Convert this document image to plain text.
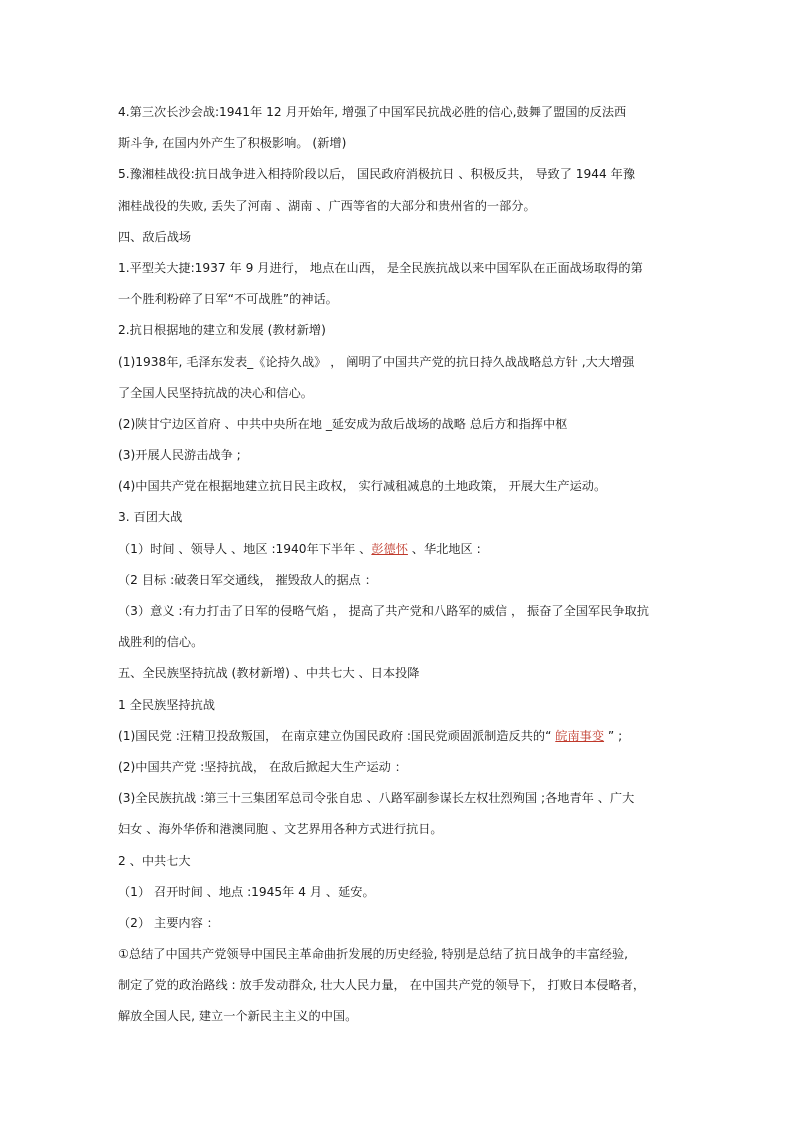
4.第三次长沙会战:1941年 12 月开始年, 增强了中国军民抗战必胜的信心,鼓舞了盟国的反法西
斯斗争, 在国内外产生了积极影响。 (新增)
5.豫湘桂战役:抗日战争进入相持阶段以后， 国民政府消极抗日 、积极反共， 导致了 1944 年豫
湘桂战役的失败, 丢失了河南 、湖南 、广西等省的大部分和贵州省的一部分。
四、敌后战场
1.平型关大捷:1937 年 9 月进行， 地点在山西， 是全民族抗战以来中国军队在正面战场取得的第
一个胜利粉碎了日军“不可战胜”的神话。
2.抗日根据地的建立和发展 (教材新增)
(1)1938年, 毛泽东发表_《论持久战》 ， 阐明了中国共产党的抗日持久战战略总方针 ,大大增强
了全国人民坚持抗战的决心和信心。
(2)陕甘宁边区首府 、中共中央所在地 _延安成为敌后战场的战略 总后方和指挥中枢
(3)开展人民游击战争 ;
(4)中国共产党在根据地建立抗日民主政权， 实行减租减息的土地政策， 开展大生产运动。
3. 百团大战
（1）时间 、领导人 、地区 :1940年下半年 、彭德怀 、华北地区 :
（2 目标 :破袭日军交通线， 摧毁敌人的据点 ：
（3）意义 :有力打击了日军的侵略气焰 ， 提高了共产党和八路军的威信 ， 振奋了全国军民争取抗
战胜利的信心。
五、全民族坚持抗战 (教材新增) 、中共七大 、日本投降
1 全民族坚持抗战
(1)国民党 :汪精卫投敌叛国， 在南京建立伪国民政府 :国民党顽固派制造反共的“ 皖南事变 ” ;
(2)中国共产党 :坚持抗战， 在敌后掀起大生产运动 ：
(3)全民族抗战 :第三十三集团军总司令张自忠 、八路军副参谋长左权壮烈殉国 ;各地青年 、广大
妇女 、海外华侨和港澳同胞 、文艺界用各种方式进行抗日。
2 、中共七大
（1） 召开时间 、地点 :1945年 4 月 、延安。
（2） 主要内容 ：
①总结了中国共产党领导中国民主革命曲折发展的历史经验, 特别是总结了抗日战争的丰富经验,
制定了党的政治路线 : 放手发动群众, 壮大人民力量， 在中国共产党的领导下， 打败日本侵略者，
解放全国人民, 建立一个新民主主义的中国。
